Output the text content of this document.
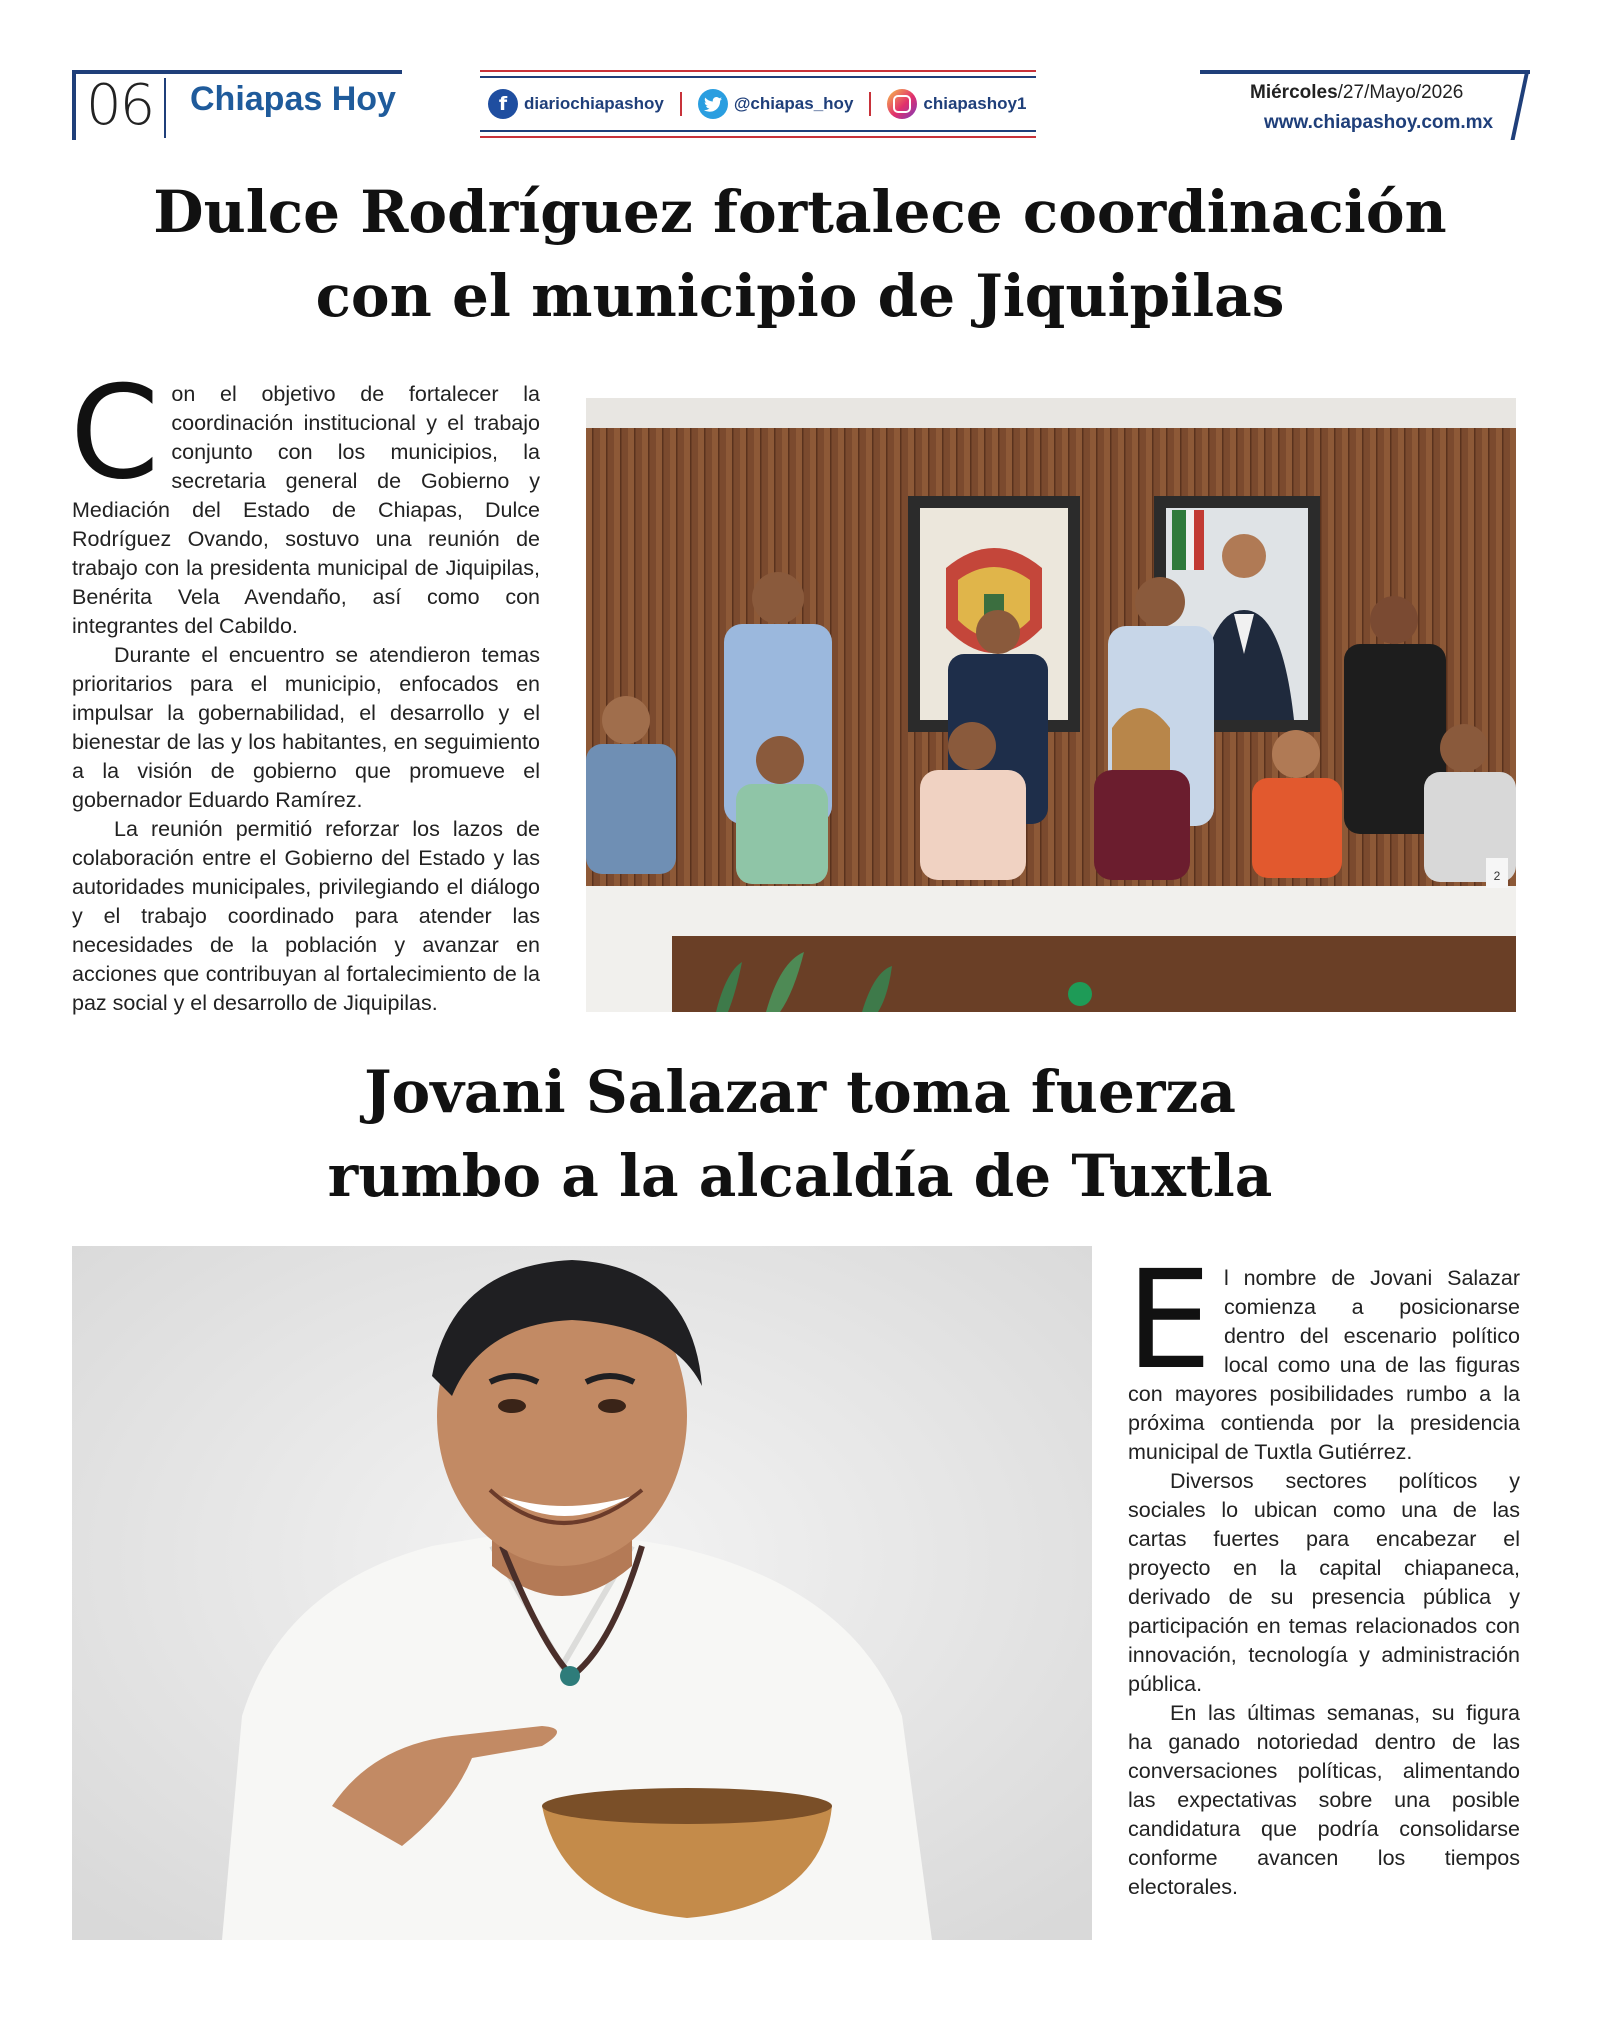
06 Chiapas Hoy	f diariochiapashoy	@chiapas_hoy	chiapashoy1
Miércoles/27/Mayo/2026
www.chiapashoy.com.mx
Dulce Rodríguez fortalece coordinación
con el municipio de Jiquipilas

Con el objetivo de fortalecer la coordinación institucional y el trabajo conjunto con los municipios, la secretaria general de Gobierno y Mediación del Estado de Chiapas, Dulce Rodríguez Ovando, sostuvo una reunión de trabajo con la presidenta municipal de Jiquipilas, Benérita Vela Avendaño, así como con integrantes del Cabildo.

Durante el encuentro se atendieron temas prioritarios para el municipio, enfocados en impulsar la gobernabilidad, el desarrollo y el bienestar de las y los habitantes, en seguimiento a la visión de gobierno que promueve el gobernador Eduardo Ramírez.

La reunión permitió reforzar los lazos de colaboración entre el Gobierno del Estado y las autoridades municipales, privilegiando el diálogo y el trabajo coordinado para atender las necesidades de la población y avanzar en acciones que contribuyan al fortalecimiento de la paz social y el desarrollo de Jiquipilas.

2
Jovani Salazar toma fuerza
rumbo a la alcaldía de Tuxtla

El nombre de Jovani Salazar comienza a posicionarse dentro del escenario político local como una de las figuras con mayores posibilidades rumbo a la próxima contienda por la presidencia municipal de Tuxtla Gutiérrez.

Diversos sectores políticos y sociales lo ubican como una de las cartas fuertes para encabezar el proyecto en la capital chiapaneca, derivado de su presencia pública y participación en temas relacionados con innovación, tecnología y administración pública.

En las últimas semanas, su figura ha ganado notoriedad dentro de las conversaciones políticas, alimentando las expectativas sobre una posible candidatura que podría consolidarse conforme avancen los tiempos electorales.
